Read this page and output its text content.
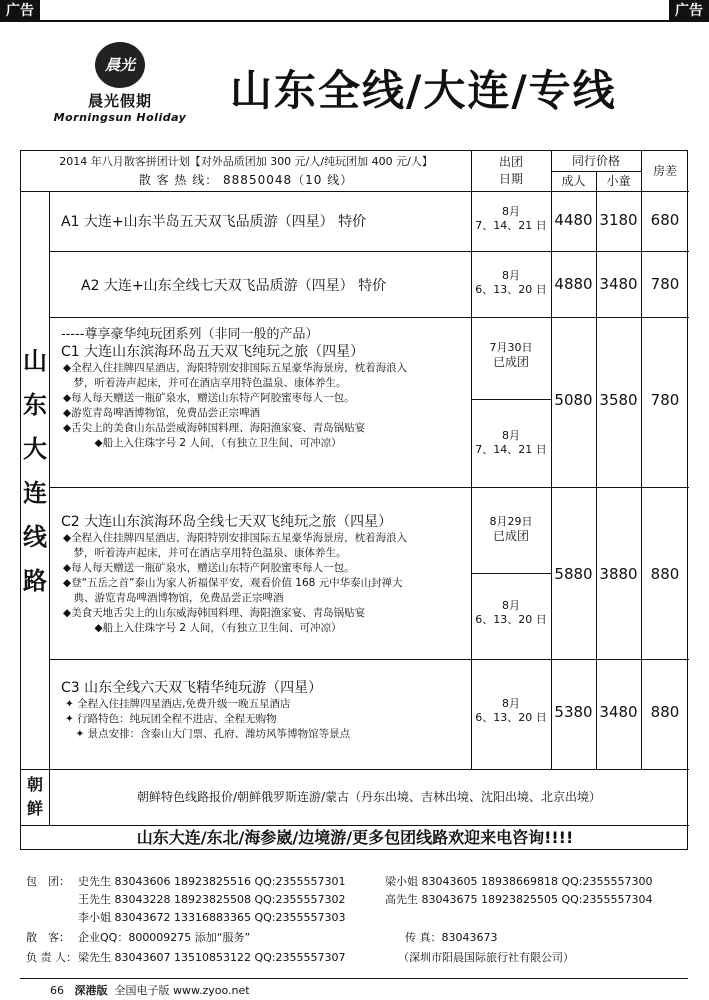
广告	广告
晨光
晨光假期
Morningsun Holiday
山东全线/大连/专线
2014 年八月散客拼团计划【对外品质团加 300 元/人/纯玩团加 400 元/人】
散 客 热 线： 88850048（10 线）
出团
日期
同行价格
成人	小童
房差
山
东
大
连
线
路
A1 大连+山东半岛五天双飞品质游（四星） 特价
8月
7、14、21 日 4480 3180 680
A2 大连+山东全线七天双飞品质游（四星） 特价
8月
6、13、20 日 4880 3480 780
-----尊享豪华纯玩团系列（非同一般的产品）
C1 大连山东滨海环岛五天双飞纯玩之旅（四星）
◆全程入住挂牌四星酒店，海阳特别安排国际五星豪华海景房，枕着海浪入
　梦，听着涛声起床，并可在酒店享用特色温泉、康体养生。
◆每人每天赠送一瓶矿泉水，赠送山东特产阿胶蜜枣每人一包。
◆游览青岛啤酒博物馆，免费品尝正宗啤酒
◆舌尖上的美食山东品尝威海韩国料理、海阳渔家宴、青岛锅贴宴
　　　◆船上入住珠字号 2 人间，（有独立卫生间、可冲凉）
7月30日
已成团
8月
7、14、21 日
5080 3580 780
C2 大连山东滨海环岛全线七天双飞纯玩之旅（四星）
◆全程入住挂牌四星酒店，海阳特别安排国际五星豪华海景房，枕着海浪入
　梦，听着涛声起床，并可在酒店享用特色温泉、康体养生。
◆每人每天赠送一瓶矿泉水，赠送山东特产阿胶蜜枣每人一包。
◆登“五岳之首”泰山为家人祈福保平安，观看价值 168 元中华泰山封禅大
　典、游览青岛啤酒博物馆，免费品尝正宗啤酒
◆美食天地舌尖上的山东威海韩国料理、海阳渔家宴、青岛锅贴宴
　　　◆船上入住珠字号 2 人间，（有独立卫生间、可冲凉）
8月29日
已成团
8月
6、13、20 日
5880 3880 880
C3 山东全线六天双飞精华纯玩游（四星）
✦ 全程入住挂牌四星酒店,免费升级一晚五星酒店
✦ 行路特色：纯玩团全程不进店、全程无购物
　✦ 景点安排：含泰山大门票、孔府、潍坊风筝博物馆等景点
8月
6、13、20 日 5380 3480 880
朝
鲜
朝鲜特色线路报价/朝鲜俄罗斯连游/蒙古（丹东出境、吉林出境、沈阳出境、北京出境）
山东大连/东北/海参崴/边境游/更多包团线路欢迎来电咨询!!!!
包　团： 史先生 83043606 18923825516 QQ:2355557301	梁小姐 83043605 18938669818 QQ:2355557300
王先生 83043228 18923825508 QQ:2355557302	高先生 83043675 18923825505 QQ:2355557304
李小姐 83043672 13316883365 QQ:2355557303
散　客： 企业QQ：800009275 添加“服务”	传 真：83043673
负 责 人： 梁先生 83043607 13510853122 QQ:2355557307	（深圳市阳晨国际旅行社有限公司）
66 深港版 全国电子版 www.zyoo.net
